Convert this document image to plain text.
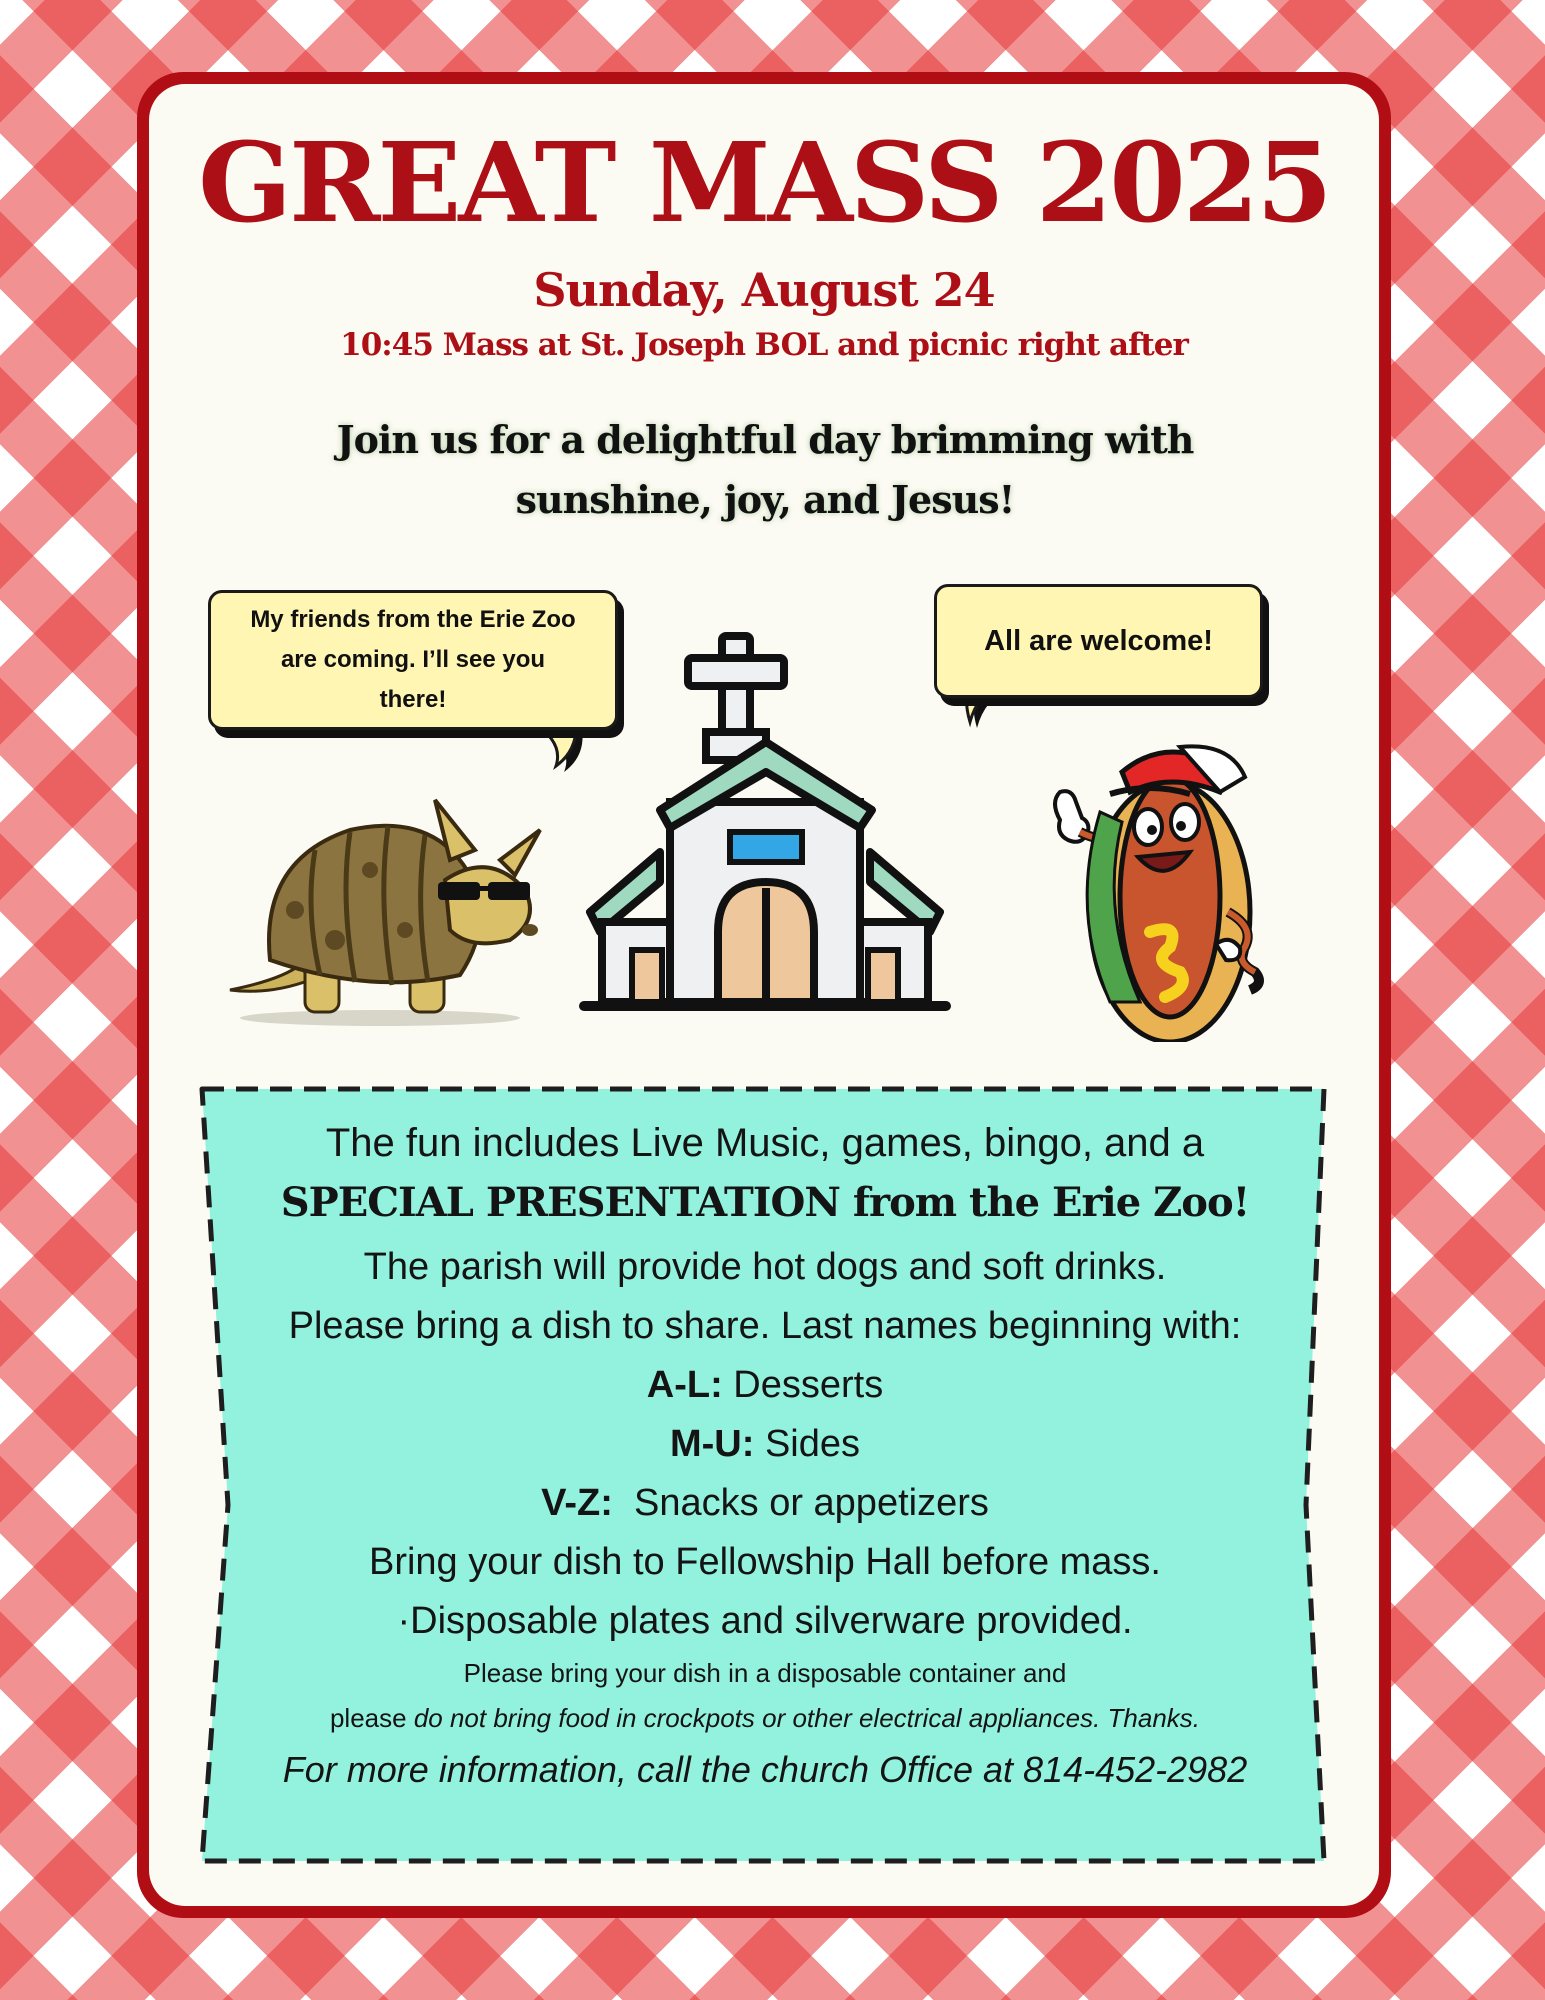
GREAT MASS 2025
Sunday, August 24
10:45 Mass at St. Joseph BOL and picnic right after
Join us for a delightful day brimming with
sunshine, joy, and Jesus!
My friends from the Erie Zoo
are coming. I’ll see you
there!
All are welcome!
The fun includes Live Music, games, bingo, and a
SPECIAL PRESENTATION from the Erie Zoo!
The parish will provide hot dogs and soft drinks.
Please bring a dish to share. Last names beginning with:
A-L: Desserts
M-U: Sides
V-Z:  Snacks or appetizers
Bring your dish to Fellowship Hall before mass.
·Disposable plates and silverware provided.
Please bring your dish in a disposable container and
please do not bring food in crockpots or other electrical appliances. Thanks.
For more information, call the church Office at 814-452-2982
